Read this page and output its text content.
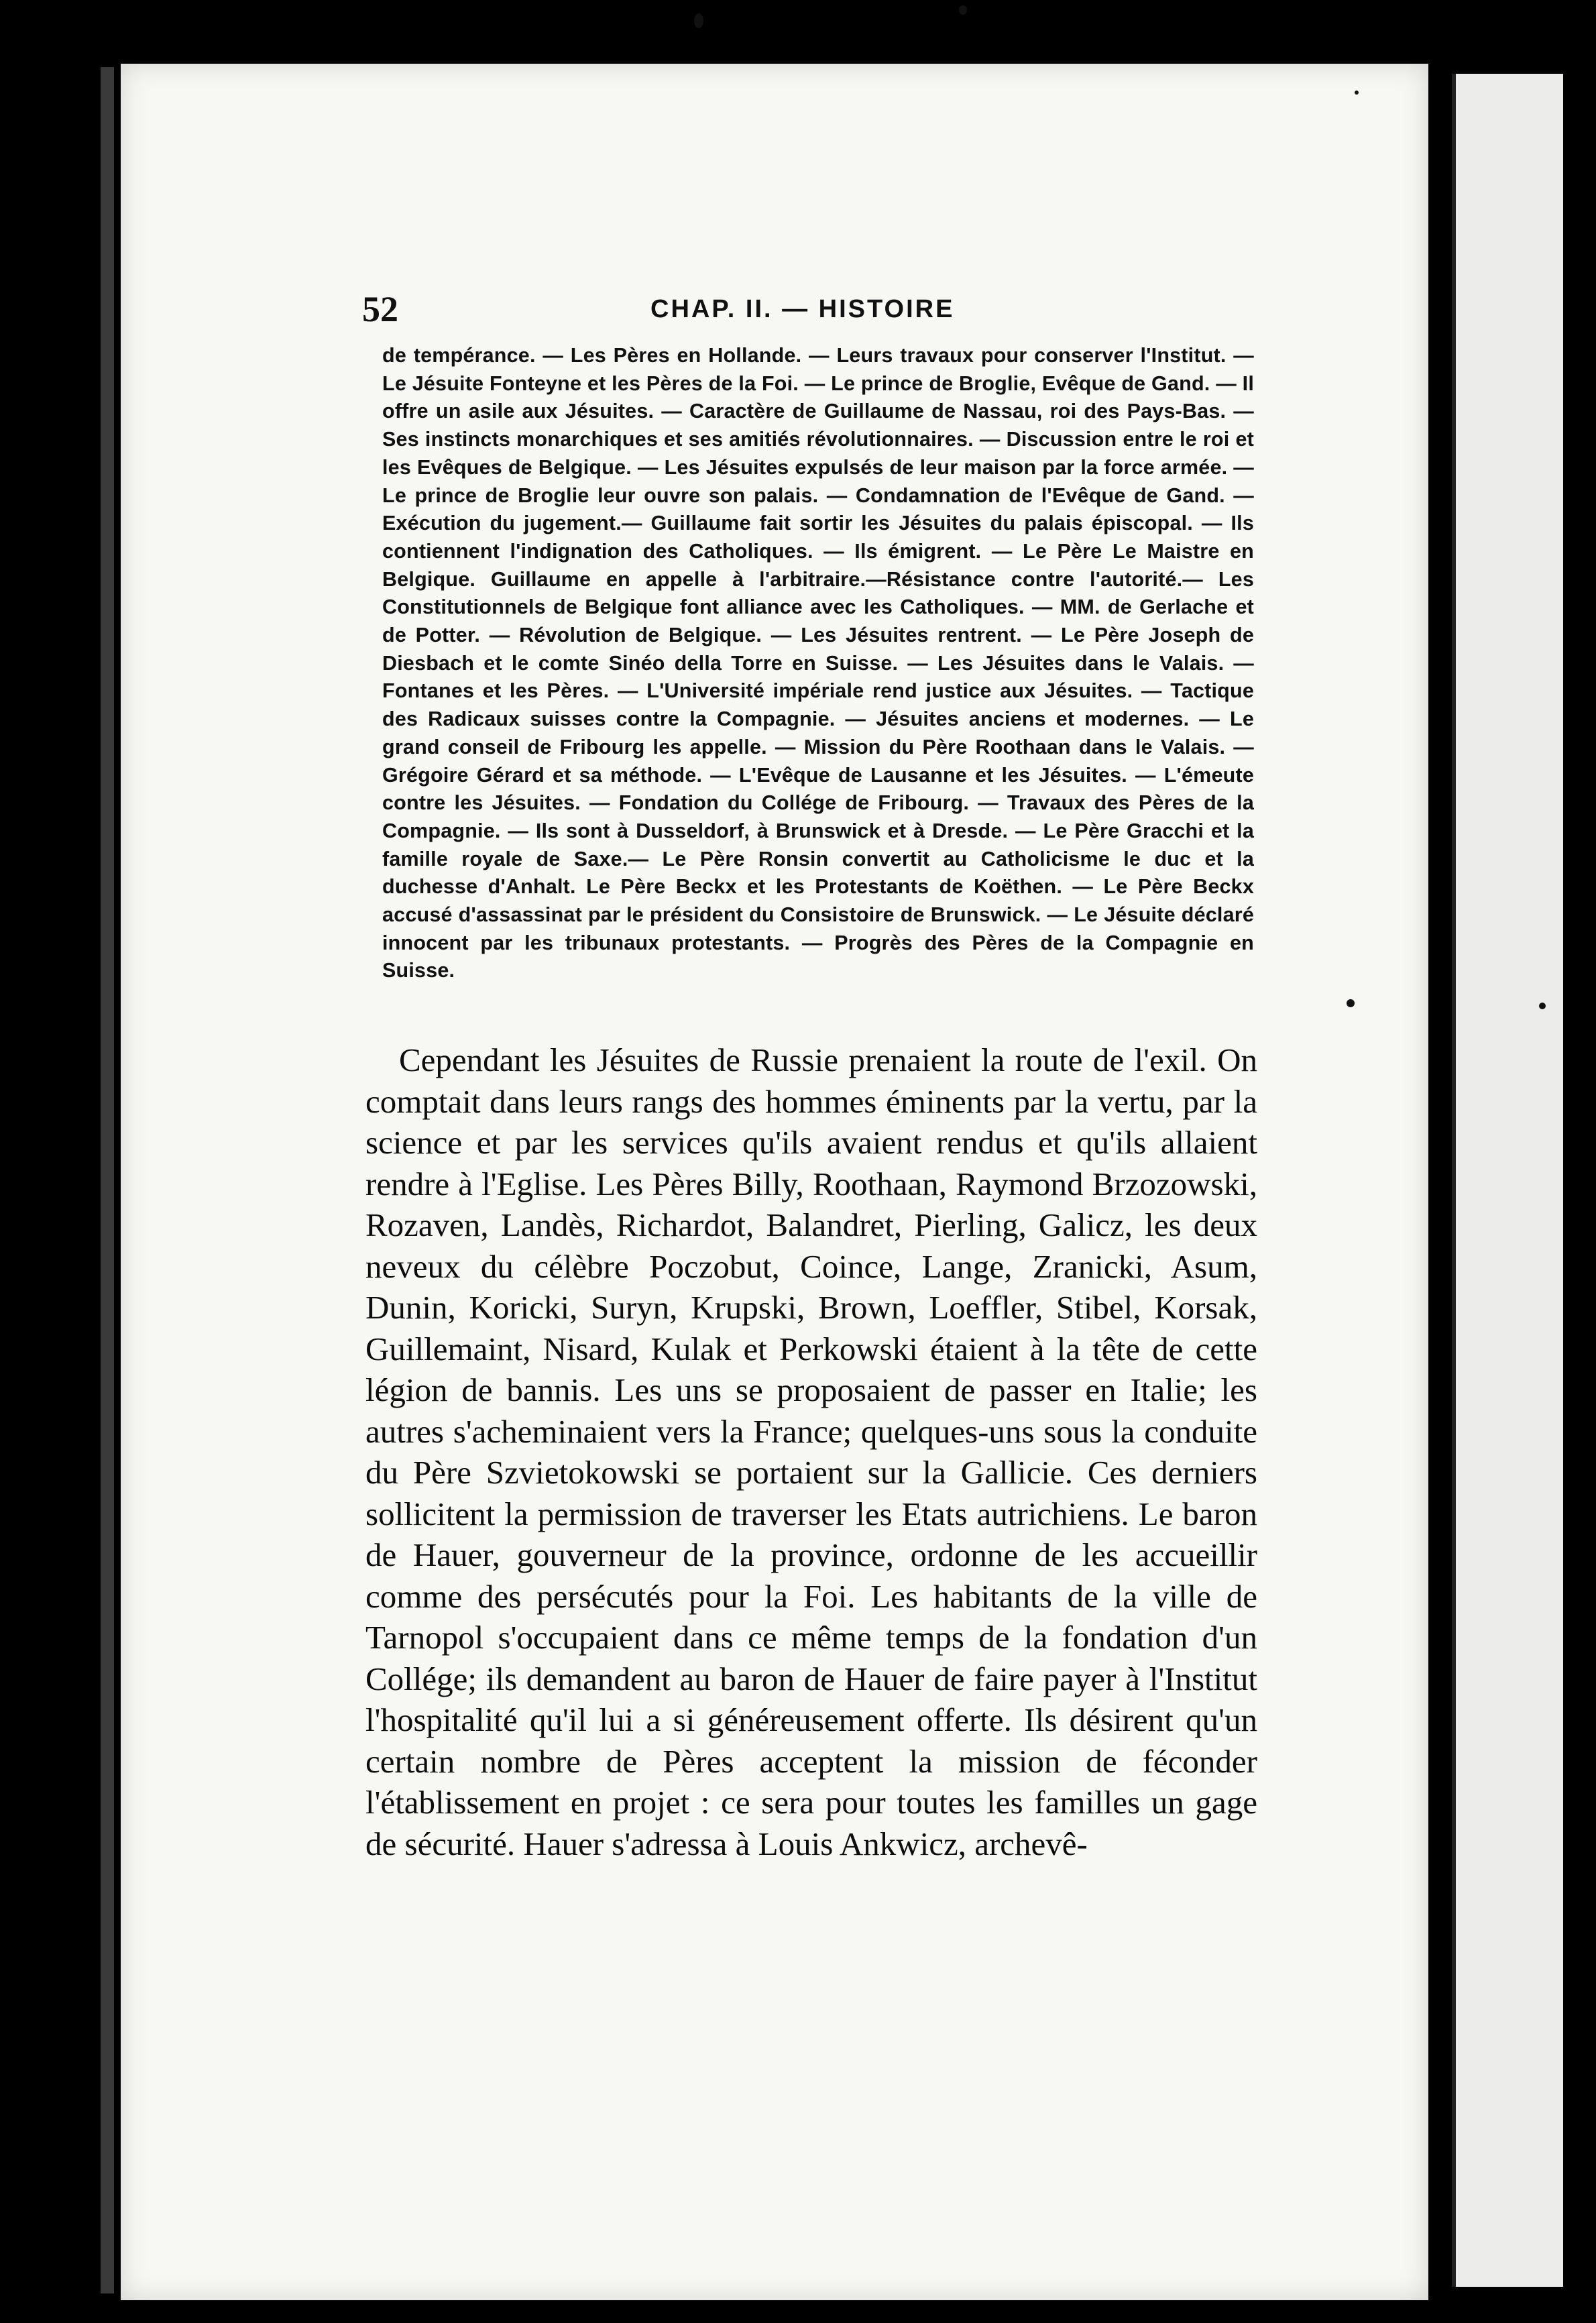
52	CHAP. II. — HISTOIRE
de tempérance. — Les Pères en Hollande. — Leurs travaux pour conserver l'Institut. — Le Jésuite Fonteyne et les Pères de la Foi. — Le prince de Broglie, Evêque de Gand. — Il offre un asile aux Jésuites. — Caractère de Guillaume de Nassau, roi des Pays-Bas. — Ses instincts monarchiques et ses amitiés révolutionnaires. — Discussion entre le roi et les Evêques de Belgique. — Les Jésuites expulsés de leur maison par la force armée. — Le prince de Broglie leur ouvre son palais. — Condamnation de l'Evêque de Gand. — Exécution du jugement.— Guillaume fait sortir les Jésuites du palais épiscopal. — Ils contiennent l'indignation des Catholiques. — Ils émigrent. — Le Père Le Maistre en Belgique. Guillaume en appelle à l'arbitraire.—Résistance contre l'autorité.— Les Constitutionnels de Belgique font alliance avec les Catholiques. — MM. de Gerlache et de Potter. — Révolution de Belgique. — Les Jésuites rentrent. — Le Père Joseph de Diesbach et le comte Sinéo della Torre en Suisse. — Les Jésuites dans le Valais. — Fontanes et les Pères. — L'Université impériale rend justice aux Jésuites. — Tactique des Radicaux suisses contre la Compagnie. — Jésuites anciens et modernes. — Le grand conseil de Fribourg les appelle. — Mission du Père Roothaan dans le Valais. — Grégoire Gérard et sa méthode. — L'Evêque de Lausanne et les Jésuites. — L'émeute contre les Jésuites. — Fondation du Collége de Fribourg. — Travaux des Pères de la Compagnie. — Ils sont à Dusseldorf, à Brunswick et à Dresde. — Le Père Gracchi et la famille royale de Saxe.— Le Père Ronsin convertit au Catholicisme le duc et la duchesse d'Anhalt. Le Père Beckx et les Protestants de Koëthen. — Le Père Beckx accusé d'assassinat par le président du Consistoire de Brunswick. — Le Jésuite déclaré innocent par les tribunaux protestants. — Progrès des Pères de la Compagnie en Suisse.

Cependant les Jésuites de Russie prenaient la route de l'exil. On comptait dans leurs rangs des hommes éminents par la vertu, par la science et par les services qu'ils avaient rendus et qu'ils allaient rendre à l'Eglise. Les Pères Billy, Roothaan, Raymond Brzozowski, Rozaven, Landès, Richardot, Balandret, Pierling, Galicz, les deux neveux du célèbre Poczobut, Coince, Lange, Zranicki, Asum, Dunin, Koricki, Suryn, Krupski, Brown, Loeffler, Stibel, Korsak, Guillemaint, Nisard, Kulak et Perkowski étaient à la tête de cette légion de bannis. Les uns se proposaient de passer en Italie; les autres s'acheminaient vers la France; quelques-uns sous la conduite du Père Szvietokowski se portaient sur la Gallicie. Ces derniers sollicitent la permission de traverser les Etats autrichiens. Le baron de Hauer, gouverneur de la province, ordonne de les accueillir comme des persécutés pour la Foi. Les habitants de la ville de Tarnopol s'occupaient dans ce même temps de la fondation d'un Collége; ils demandent au baron de Hauer de faire payer à l'Institut l'hospitalité qu'il lui a si généreusement offerte. Ils désirent qu'un certain nombre de Pères acceptent la mission de féconder l'établissement en projet : ce sera pour toutes les familles un gage de sécurité. Hauer s'adressa à Louis Ankwicz, archevê-
